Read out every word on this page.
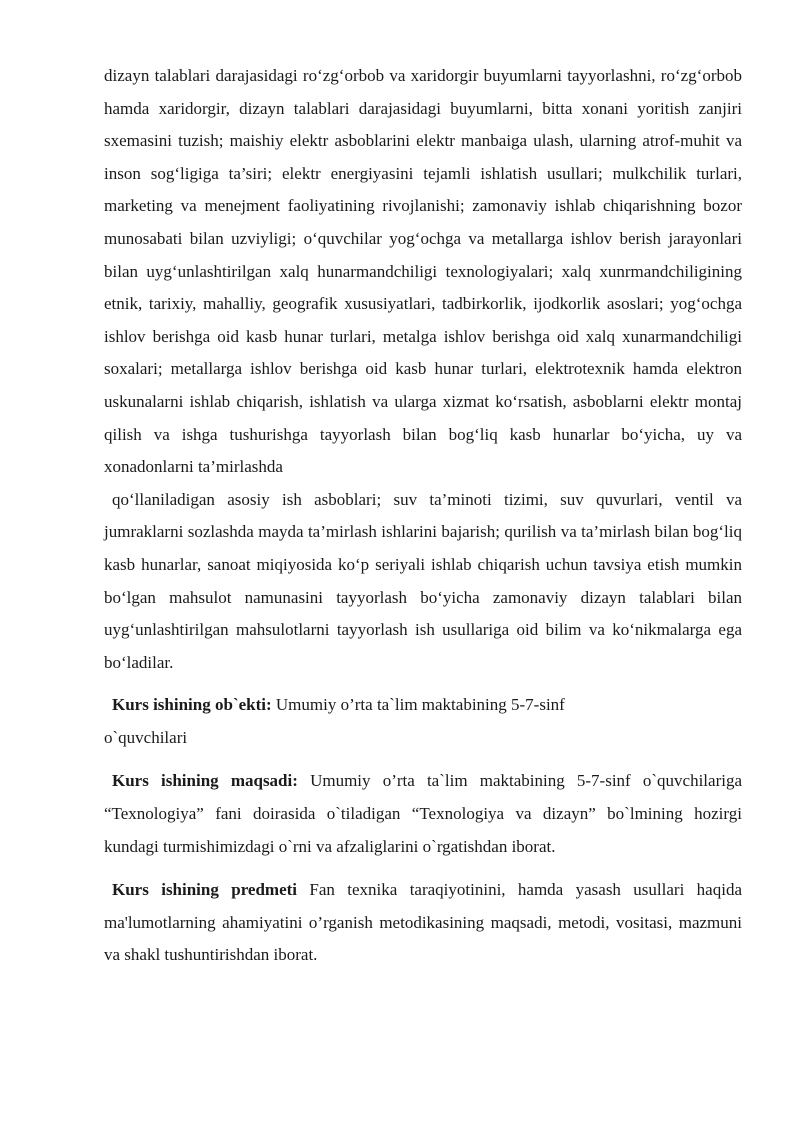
dizayn talablari darajasidagi ro‘zg‘orbob va xaridorgir buyumlarni tayyorlashni, ro‘zg‘orbob hamda xaridorgir, dizayn talablari darajasidagi buyumlarni, bitta xonani yoritish zanjiri sxemasini tuzish; maishiy elektr asboblarini elektr manbaiga ulash, ularning atrof-muhit va inson sog‘ligiga ta’siri; elektr energiyasini tejamli ishlatish usullari; mulkchilik turlari, marketing va menejment faoliyatining rivojlanishi; zamonaviy ishlab chiqarishning bozor munosabati bilan uzviyligi; o‘quvchilar yog‘ochga va metallarga ishlov berish jarayonlari bilan uyg‘unlashtirilgan xalq hunarmandchiligi texnologiyalari; xalq xunrmandchiligining etnik, tarixiy, mahalliy, geografik xususiyatlari, tadbirkorlik, ijodkorlik asoslari; yog‘ochga ishlov berishga oid kasb hunar turlari, metalga ishlov berishga oid xalq xunarmandchiligi soxalari; metallarga ishlov berishga oid kasb hunar turlari, elektrotexnik hamda elektron uskunalarni ishlab chiqarish, ishlatish va ularga xizmat ko‘rsatish, asboblarni elektr montaj qilish va ishga tushurishga tayyorlash bilan bog‘liq kasb hunarlar bo‘yicha, uy va xonadonlarni ta’mirlashda

qo‘llaniladigan asosiy ish asboblari; suv ta’minoti tizimi, suv quvurlari, ventil va jumraklarni sozlashda mayda ta’mirlash ishlarini bajarish; qurilish va ta’mirlash bilan bog‘liq kasb hunarlar, sanoat miqiyosida ko‘p seriyali ishlab chiqarish uchun tavsiya etish mumkin bo‘lgan mahsulot namunasini tayyorlash bo‘yicha zamonaviy dizayn talablari bilan uyg‘unlashtirilgan mahsulotlarni tayyorlash ish usullariga oid bilim va ko‘nikmalarga ega bo‘ladilar.

Kurs ishining ob`ekti: Umumiy o’rta ta`lim maktabining 5-7-sinf
o`quvchilari

Kurs ishining maqsadi: Umumiy o’rta ta`lim maktabining 5-7-sinf o`quvchilariga “Texnologiya” fani doirasida o`tiladigan “Texnologiya va dizayn” bo`lmining hozirgi kundagi turmishimizdagi o`rni va afzaliglarini o`rgatishdan iborat.

Kurs ishining predmeti Fan texnika taraqiyotinini, hamda yasash usullari haqida ma'lumotlarning ahamiyatini o’rganish metodikasining maqsadi, metodi, vositasi, mazmuni va shakl tushuntirishdan iborat.
